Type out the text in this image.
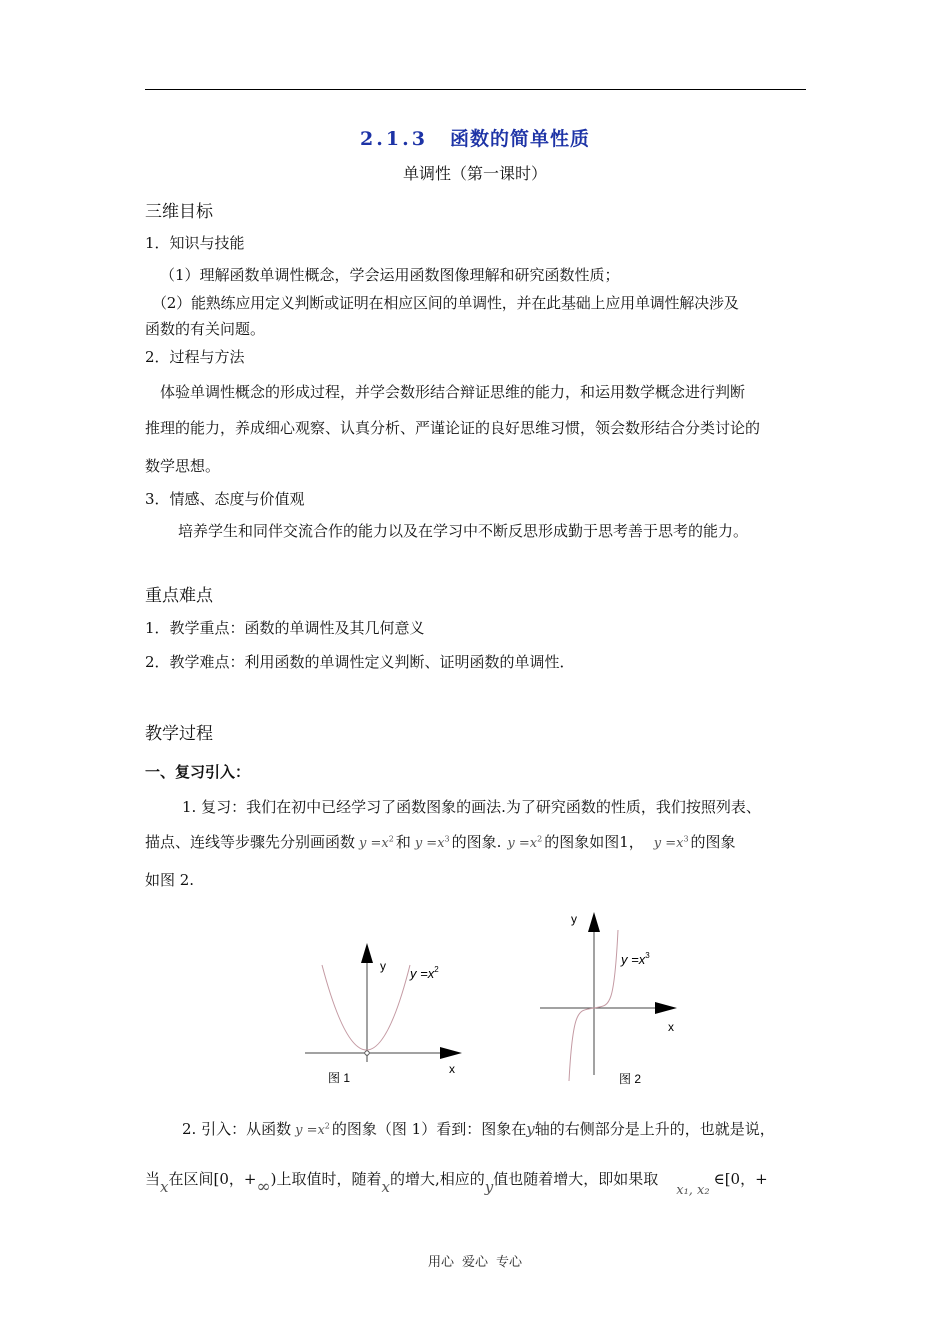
2.1.3 函数的简单性质
单调性（第一课时）
三维目标
1．知识与技能
（1）理解函数单调性概念，学会运用函数图像理解和研究函数性质；
（2）能熟练应用定义判断或证明在相应区间的单调性，并在此基础上应用单调性解决涉及
函数的有关问题。
2．过程与方法
体验单调性概念的形成过程，并学会数形结合辩证思维的能力，和运用数学概念进行判断
推理的能力，养成细心观察、认真分析、严谨论证的良好思维习惯，领会数形结合分类讨论的
数学思想。
3．情感、态度与价值观
培养学生和同伴交流合作的能力以及在学习中不断反思形成勤于思考善于思考的能力。
重点难点
1．教学重点：函数的单调性及其几何意义
2．教学难点：利用函数的单调性定义判断、证明函数的单调性．
教学过程
一、复习引入：
1. 复习：我们在初中已经学习了函数图象的画法.为了研究函数的性质，我们按照列表、
描点、连线等步骤先分别画函数 $y =x^2$ 和 $y =x^3$ 的图象. $y =x^2$ 的图象如图1， $y =x^3$ 的图象
如图 2.
y $y =x^2$
x
图 1
y
$y =x^3$
x
图 2
2. 引入：从函数 $y =x^2$ 的图象（图 1）看到：图象在y轴的右侧部分是上升的，也就是说，
当x在区间[0，+∞)上取值时，随着x的增大,相应的y值也随着增大，即如果取x₁, x₂∈[0，+
用心 爱心 专心
